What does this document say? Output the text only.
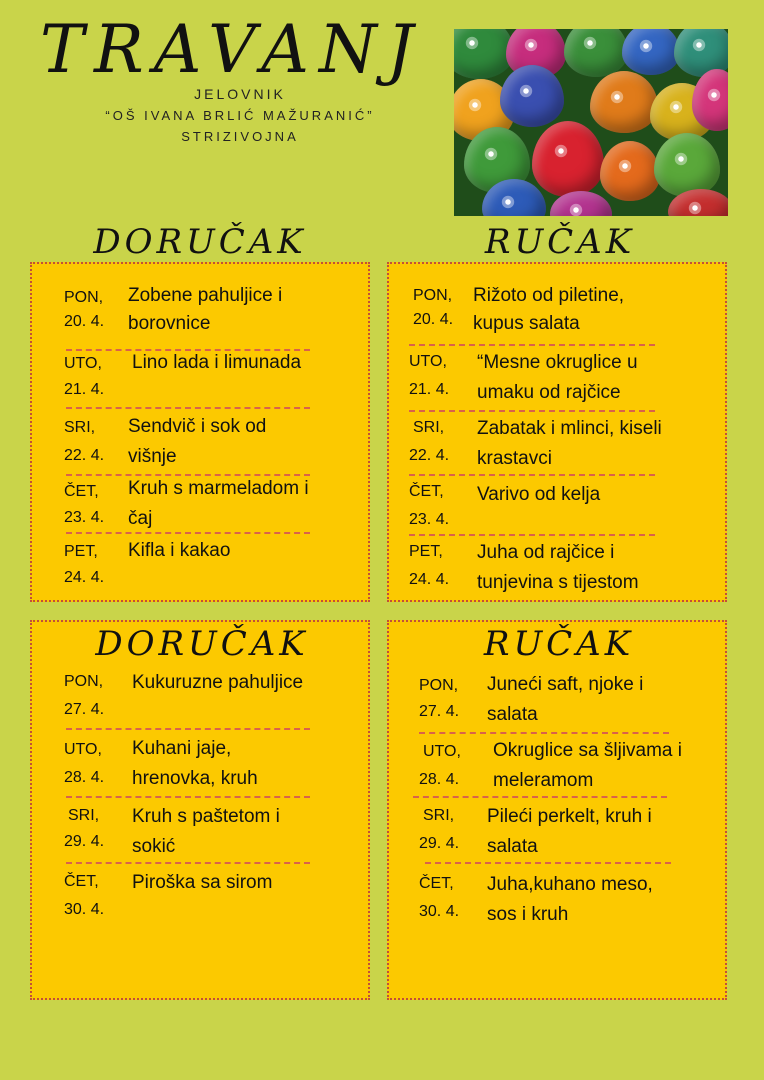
TRAVANJ
JELOVNIK
“OŠ IVANA BRLIĆ MAŽURANIĆ”
STRIZIVOJNA
DORUČAK	RUČAK
PON,
20. 4.
Zobene pahuljice i
borovnice
UTO,
21. 4.
Lino lada i limunada
SRI,
22. 4.
Sendvič i sok od
višnje
ČET,
23. 4.
Kruh s marmeladom i
čaj
PET,
24. 4.
Kifla i kakao
PON,
20. 4.
Rižoto od piletine,
kupus salata
UTO,
21. 4.
“Mesne okruglice u
umaku od rajčice
SRI,
22. 4.
Zabatak i mlinci, kiseli
krastavci
ČET,
23. 4.
Varivo od kelja
PET,
24. 4.
Juha od rajčice i
tunjevina s tijestom
DORUČAK
PON,
27. 4.
Kukuruzne pahuljice
UTO,
28. 4.
Kuhani jaje,
hrenovka, kruh
SRI,
29. 4.
Kruh s paštetom i
sokić
ČET,
30. 4.
Piroška sa sirom
RUČAK
PON,
27. 4.
Juneći saft, njoke i
salata
UTO,
28. 4.
Okruglice sa šljivama i
meleramom
SRI,
29. 4.
Pileći perkelt, kruh i
salata
ČET,
30. 4.
Juha,kuhano meso,
sos i kruh
